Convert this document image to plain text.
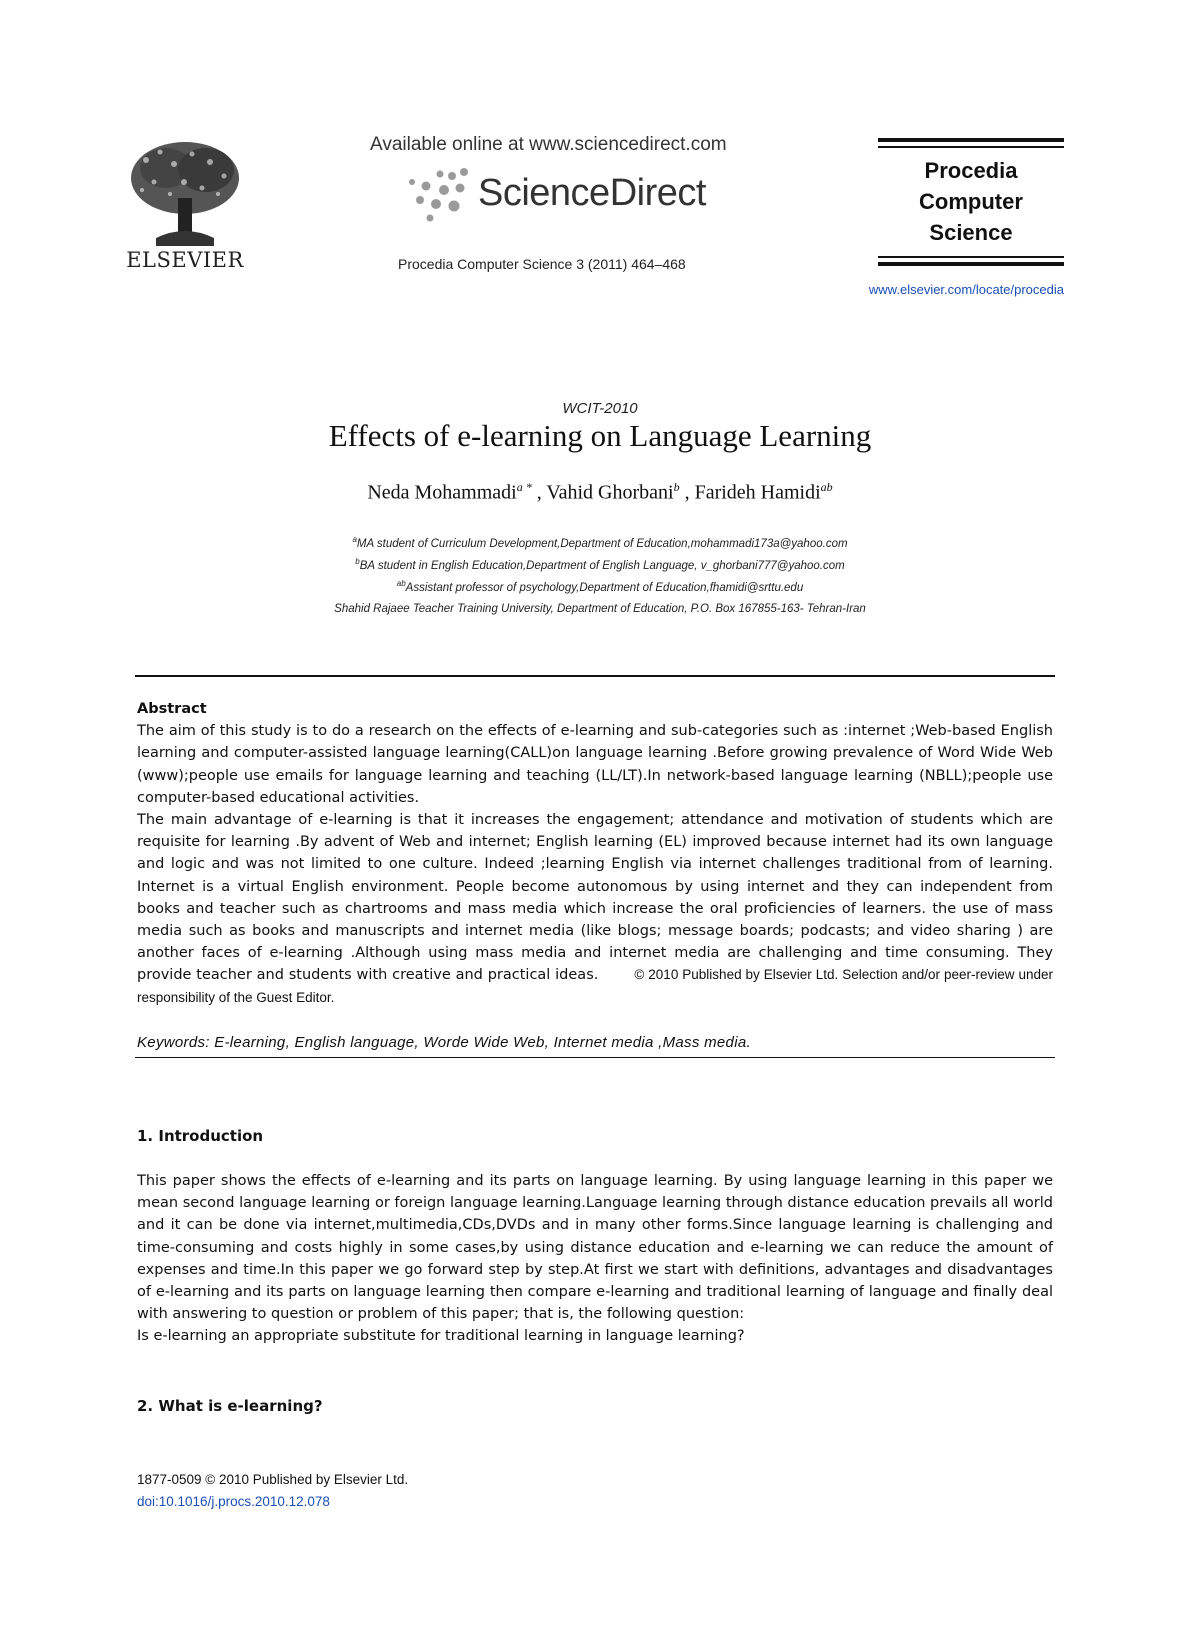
ELSEVIER
Available online at www.sciencedirect.com
ScienceDirect
Procedia Computer Science 3 (2011) 464–468
Procedia
Computer
Science
www.elsevier.com/locate/procedia
WCIT-2010
Effects of e-learning on Language Learning
Neda Mohammadi$^{a *}$ , Vahid Ghorbani$^b$ , Farideh Hamidi$^{ab}$
$^a$MA student of Curriculum Development,Department of Education,mohammadi173a@yahoo.com
$^b$BA student in English Education,Department of English Language, v_ghorbani777@yahoo.com
$^{ab}$Assistant professor of psychology,Department of Education,fhamidi@srttu.edu
Shahid Rajaee Teacher Training University, Department of Education, P.O. Box 167855-163- Tehran-Iran
Abstract

The aim of this study is to do a research on the effects of e-learning and sub-categories such as :internet ;Web-based English learning and computer-assisted language learning(CALL)on language learning .Before growing prevalence of Word Wide Web (www);people use emails for language learning and teaching (LL/LT).In network-based language learning (NBLL);people use computer-based educational activities.

The main advantage of e-learning is that it increases the engagement; attendance and motivation of students which are requisite for learning .By advent of Web and internet; English learning (EL) improved because internet had its own language and logic and was not limited to one culture. Indeed ;learning English via internet challenges traditional from of learning. Internet is a virtual English environment. People become autonomous by using internet and they can independent from books and teacher such as chartrooms and mass media which increase the oral proficiencies of learners. the use of mass media such as books and manuscripts and internet media (like blogs; message boards; podcasts; and video sharing ) are another faces of e-learning .Although using mass media and internet media are challenging and time consuming. They provide teacher and students with creative and practical ideas.	© 2010 Published by Elsevier Ltd. Selection and/or peer-review under responsibility of the Guest Editor.

Keywords: E-learning, English language, Worde Wide Web, Internet media ,Mass media.
1. Introduction

This paper shows the effects of e-learning and its parts on language learning. By using language learning in this paper we mean second language learning or foreign language learning.Language learning through distance education prevails all world and it can be done via internet,multimedia,CDs,DVDs and in many other forms.Since language learning is challenging and time-consuming and costs highly in some cases,by using distance education and e-learning we can reduce the amount of expenses and time.In this paper we go forward step by step.At first we start with definitions, advantages and disadvantages of e-learning and its parts on language learning then compare e-learning and traditional learning of language and finally deal with answering to question or problem of this paper; that is, the following question:

Is e-learning an appropriate substitute for traditional learning in language learning?

2. What is e-learning?
1877-0509 © 2010 Published by Elsevier Ltd.
doi:10.1016/j.procs.2010.12.078
